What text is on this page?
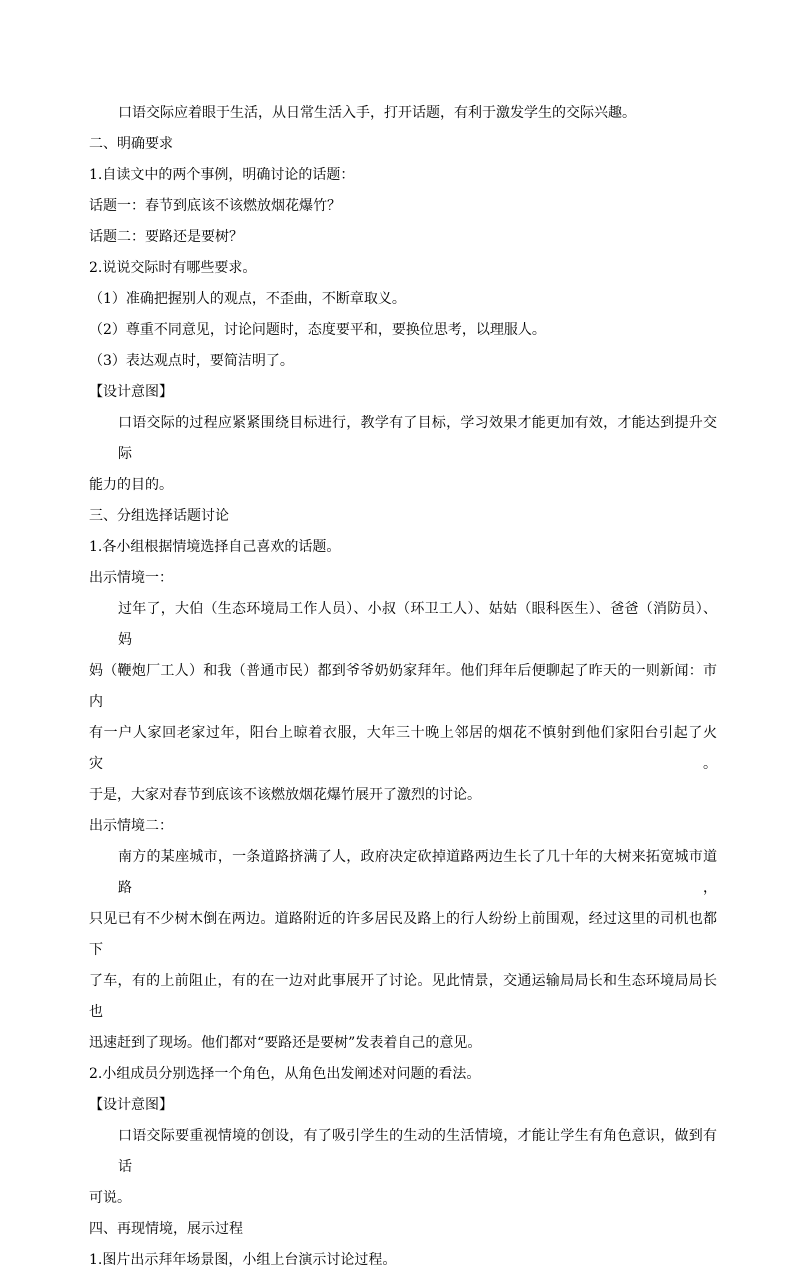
口语交际应着眼于生活，从日常生活入手，打开话题，有利于激发学生的交际兴趣。
二、明确要求
1.自读文中的两个事例，明确讨论的话题：
话题一：春节到底该不该燃放烟花爆竹？
话题二：要路还是要树？
2.说说交际时有哪些要求。
（1）准确把握别人的观点，不歪曲，不断章取义。
（2）尊重不同意见，讨论问题时，态度要平和，要换位思考，以理服人。
（3）表达观点时，要简洁明了。
【设计意图】
口语交际的过程应紧紧围绕目标进行，教学有了目标，学习效果才能更加有效，才能达到提升交际
能力的目的。
三、分组选择话题讨论
1.各小组根据情境选择自己喜欢的话题。
出示情境一：
过年了，大伯（生态环境局工作人员）、小叔（环卫工人）、姑姑（眼科医生）、爸爸（消防员）、妈
妈（鞭炮厂工人）和我（普通市民）都到爷爷奶奶家拜年。他们拜年后便聊起了昨天的一则新闻：市内
有一户人家回老家过年，阳台上晾着衣服，大年三十晚上邻居的烟花不慎射到他们家阳台引起了火灾。
于是，大家对春节到底该不该燃放烟花爆竹展开了激烈的讨论。
出示情境二：
南方的某座城市，一条道路挤满了人，政府决定砍掉道路两边生长了几十年的大树来拓宽城市道路，
只见已有不少树木倒在两边。道路附近的许多居民及路上的行人纷纷上前围观，经过这里的司机也都下
了车，有的上前阻止，有的在一边对此事展开了讨论。见此情景，交通运输局局长和生态环境局局长也
迅速赶到了现场。他们都对“要路还是要树”发表着自己的意见。
2.小组成员分别选择一个角色，从角色出发阐述对问题的看法。
【设计意图】
口语交际要重视情境的创设，有了吸引学生的生动的生活情境，才能让学生有角色意识，做到有话
可说。
四、再现情境，展示过程
1.图片出示拜年场景图，小组上台演示讨论过程。
